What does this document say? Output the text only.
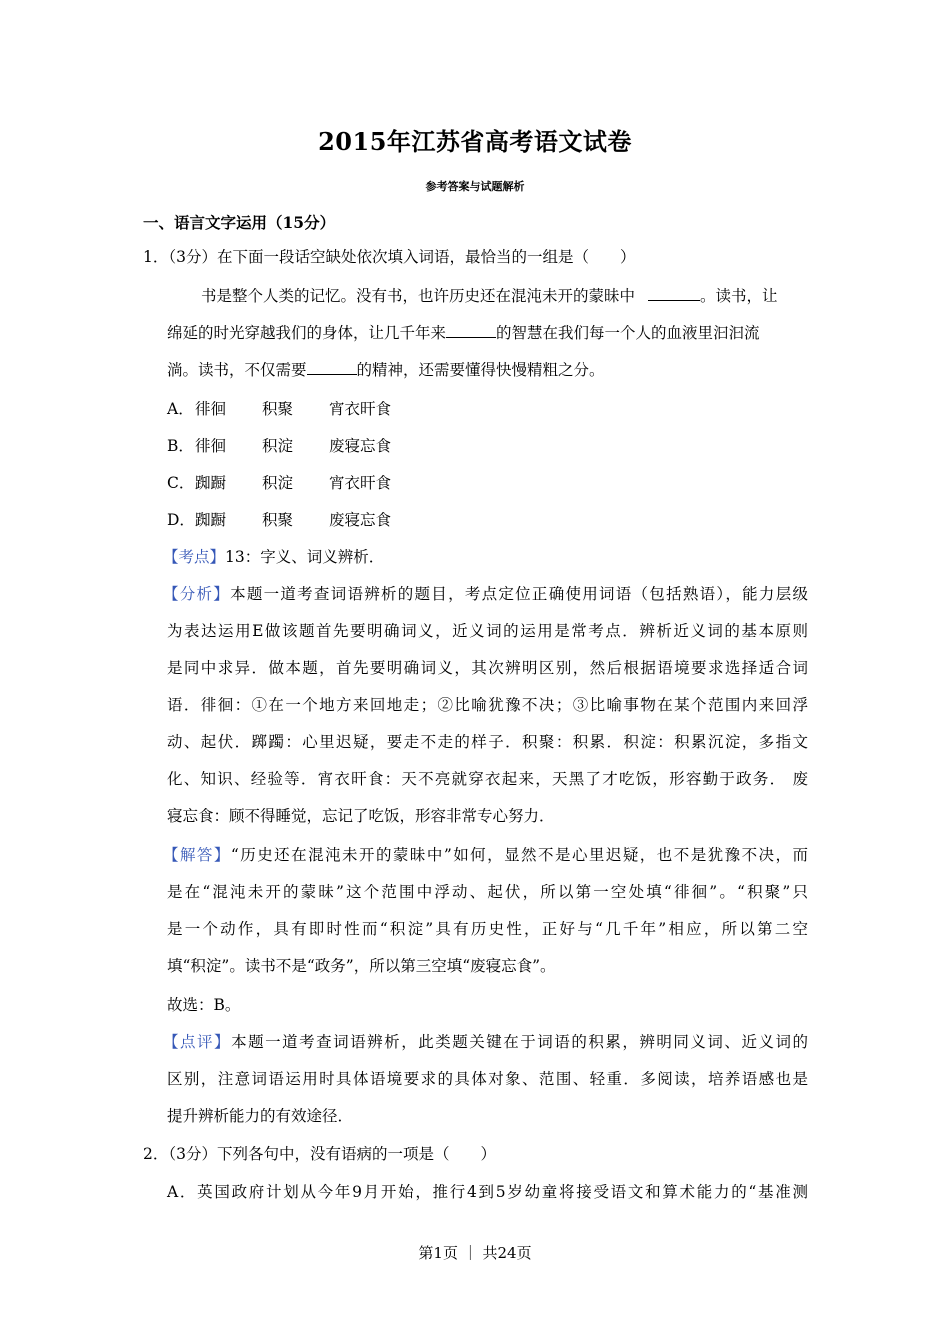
2015年江苏省高考语文试卷
参考答案与试题解析
一、语言文字运用（15分）
1．（3分）在下面一段话空缺处依次填入词语，最恰当的一组是（　　）
书是整个人类的记忆。没有书，也许历史还在混沌未开的蒙昧中	。读书，让
绵延的时光穿越我们的身体，让几千年来	的智慧在我们每一个人的血液里汩汩流
淌。读书，不仅需要	的精神，还需要懂得快慢精粗之分。
A． 徘徊 积聚 宵衣旰食
B． 徘徊 积淀 废寝忘食
C． 踟蹰 积淀 宵衣旰食
D． 踟蹰 积聚 废寝忘食
【考点】13：字义、词义辨析．
【分析】本题一道考查词语辨析的题目，考点定位正确使用词语（包括熟语），能力层级
为表达运用E做该题首先要明确词义，近义词的运用是常考点．辨析近义词的基本原则
是同中求异．做本题，首先要明确词义，其次辨明区别，然后根据语境要求选择适合词
语．徘徊：①在一个地方来回地走；②比喻犹豫不决；③比喻事物在某个范围内来回浮
动、起伏．踯躅：心里迟疑，要走不走的样子．积聚：积累．积淀：积累沉淀，多指文
化、知识、经验等．宵衣旰食：天不亮就穿衣起来，天黑了才吃饭，形容勤于政务． 废
寝忘食：顾不得睡觉，忘记了吃饭，形容非常专心努力．
【解答】“历史还在混沌未开的蒙昧中”如何，显然不是心里迟疑，也不是犹豫不决，而
是在“混沌未开的蒙昧”这个范围中浮动、起伏，所以第一空处填“徘徊”。“积聚”只
是一个动作，具有即时性而“积淀”具有历史性，正好与“几千年”相应，所以第二空
填“积淀”。读书不是“政务”，所以第三空填“废寝忘食”。
故选：B。
【点评】本题一道考查词语辨析，此类题关键在于词语的积累，辨明同义词、近义词的
区别，注意词语运用时具体语境要求的具体对象、范围、轻重．多阅读，培养语感也是
提升辨析能力的有效途径．
2．（3分）下列各句中，没有语病的一项是（　　）
A．英国政府计划从今年9月开始，推行4到5岁幼童将接受语文和算术能力的“基准测
第1页 ｜ 共24页
